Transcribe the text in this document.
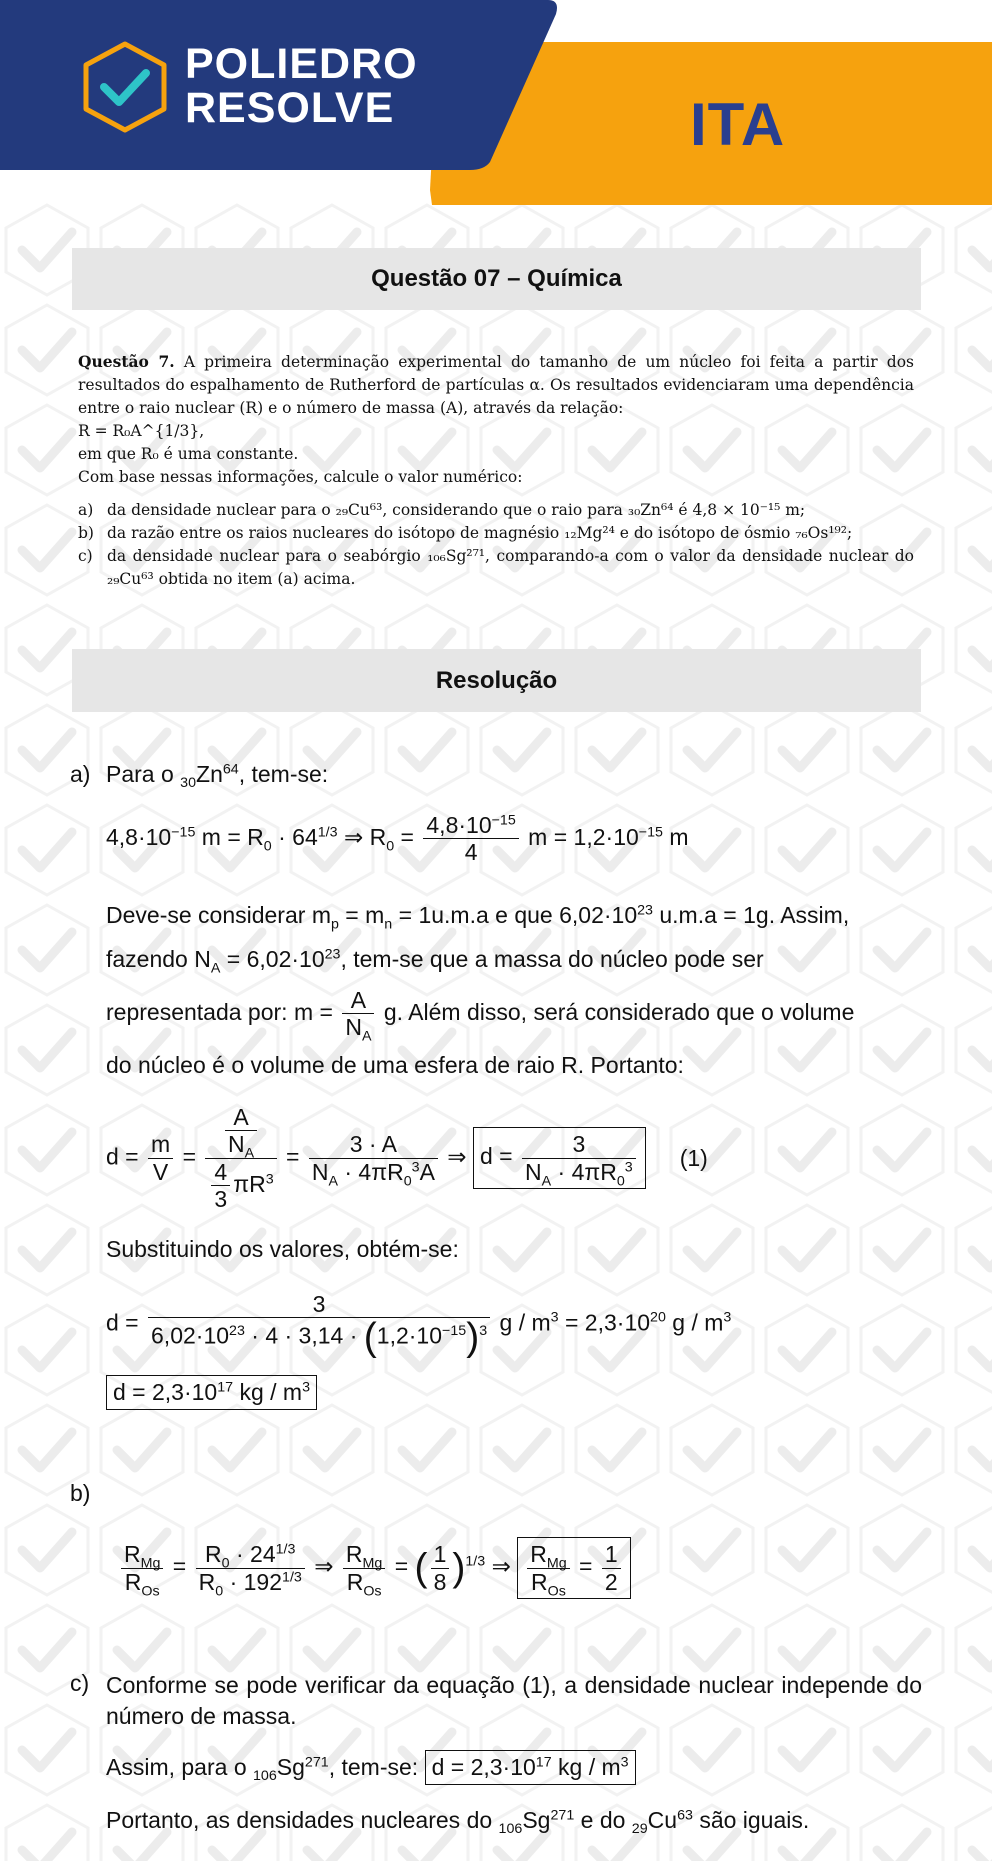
POLIEDRO
RESOLVE	ITA
Questão 07 – Química

Questão 7. A primeira determinação experimental do tamanho de um núcleo foi feita a partir dos resultados do espalhamento de Rutherford de partículas α. Os resultados evidenciaram uma dependência entre o raio nuclear (R) e o número de massa (A), através da relação:

R = R₀A^{1/3},

em que R₀ é uma constante.

Com base nessas informações, calcule o valor numérico:

a) da densidade nuclear para o ₂₉Cu⁶³, considerando que o raio para ₃₀Zn⁶⁴ é 4,8 × 10⁻¹⁵ m;
b) da razão entre os raios nucleares do isótopo de magnésio ₁₂Mg²⁴ e do isótopo de ósmio ₇₆Os¹⁹²;
c) da densidade nuclear para o seabórgio ₁₀₆Sg²⁷¹, comparando-a com o valor da densidade nuclear do ₂₉Cu⁶³ obtida no item (a) acima.
Resolução
a) Para o $_{30}Zn^{64}$, tem-se:
$4,8\cdot 10^{-15}$ $m = R_0 \cdot 64^{1/3}$ ⇒ $R_0 = \frac{4,8\cdot 10^{-15}}{4}$ $m = 1,2\cdot 10^{-15}$ m
Deve-se considerar $m_p = m_n = 1u.m.a$ e que $6,02\cdot 10^{23}$ u.m.a = 1g. Assim,
fazendo $N_A = 6,02\cdot 10^{23}$, tem-se que a massa do núcleo pode ser
representada por: $m = \frac{A}{N_A} g$. Além disso, será considerado que o volume
do núcleo é o volume de uma esfera de raio R. Portanto:
$d = \frac{m}{V} = \frac{\frac{A}{N_A}}{\frac{4}{3} \pi R^3} = \frac{3 \cdot A}{N_A \cdot 4\pi R_0^3A}$ ⇒ $d = \frac{3}{N_A \cdot 4\pi R_0^3} (1)$
Substituindo os valores, obtém-se:
$d = \frac{3}{6,02\cdot 10^{23} \cdot 4 \cdot 3,14 \cdot (1,2\cdot 10^{-15})^3}$ $g / m^3 = 2,3\cdot 10^{20}$ g / $m^3$
$d = 2,3\cdot 10^{17}$ kg / $m^3$
b)
$\frac{R_{Mg}}{R_{Os}} = \frac{R_0 \cdot 24^{1/3}}{R_0 \cdot 192^{1/3}}$ ⇒ $\frac{R_{Mg}}{R_{Os}}$ = ( $\frac{1}{8} )^{1/3}$ ⇒ $\frac{R_{Mg}}{R_{Os}} = \frac{1}{2}$
c) Conforme se pode verificar da equação (1), a densidade nuclear independe do número de massa.
Assim, para o $_{106}Sg^{271}$, tem-se: $d = 2,3\cdot 10^{17}$ kg / $m^3$
Portanto, as densidades nucleares do $_{106}Sg^{271}$ e do $_{29}Cu^{63}$ são iguais.
